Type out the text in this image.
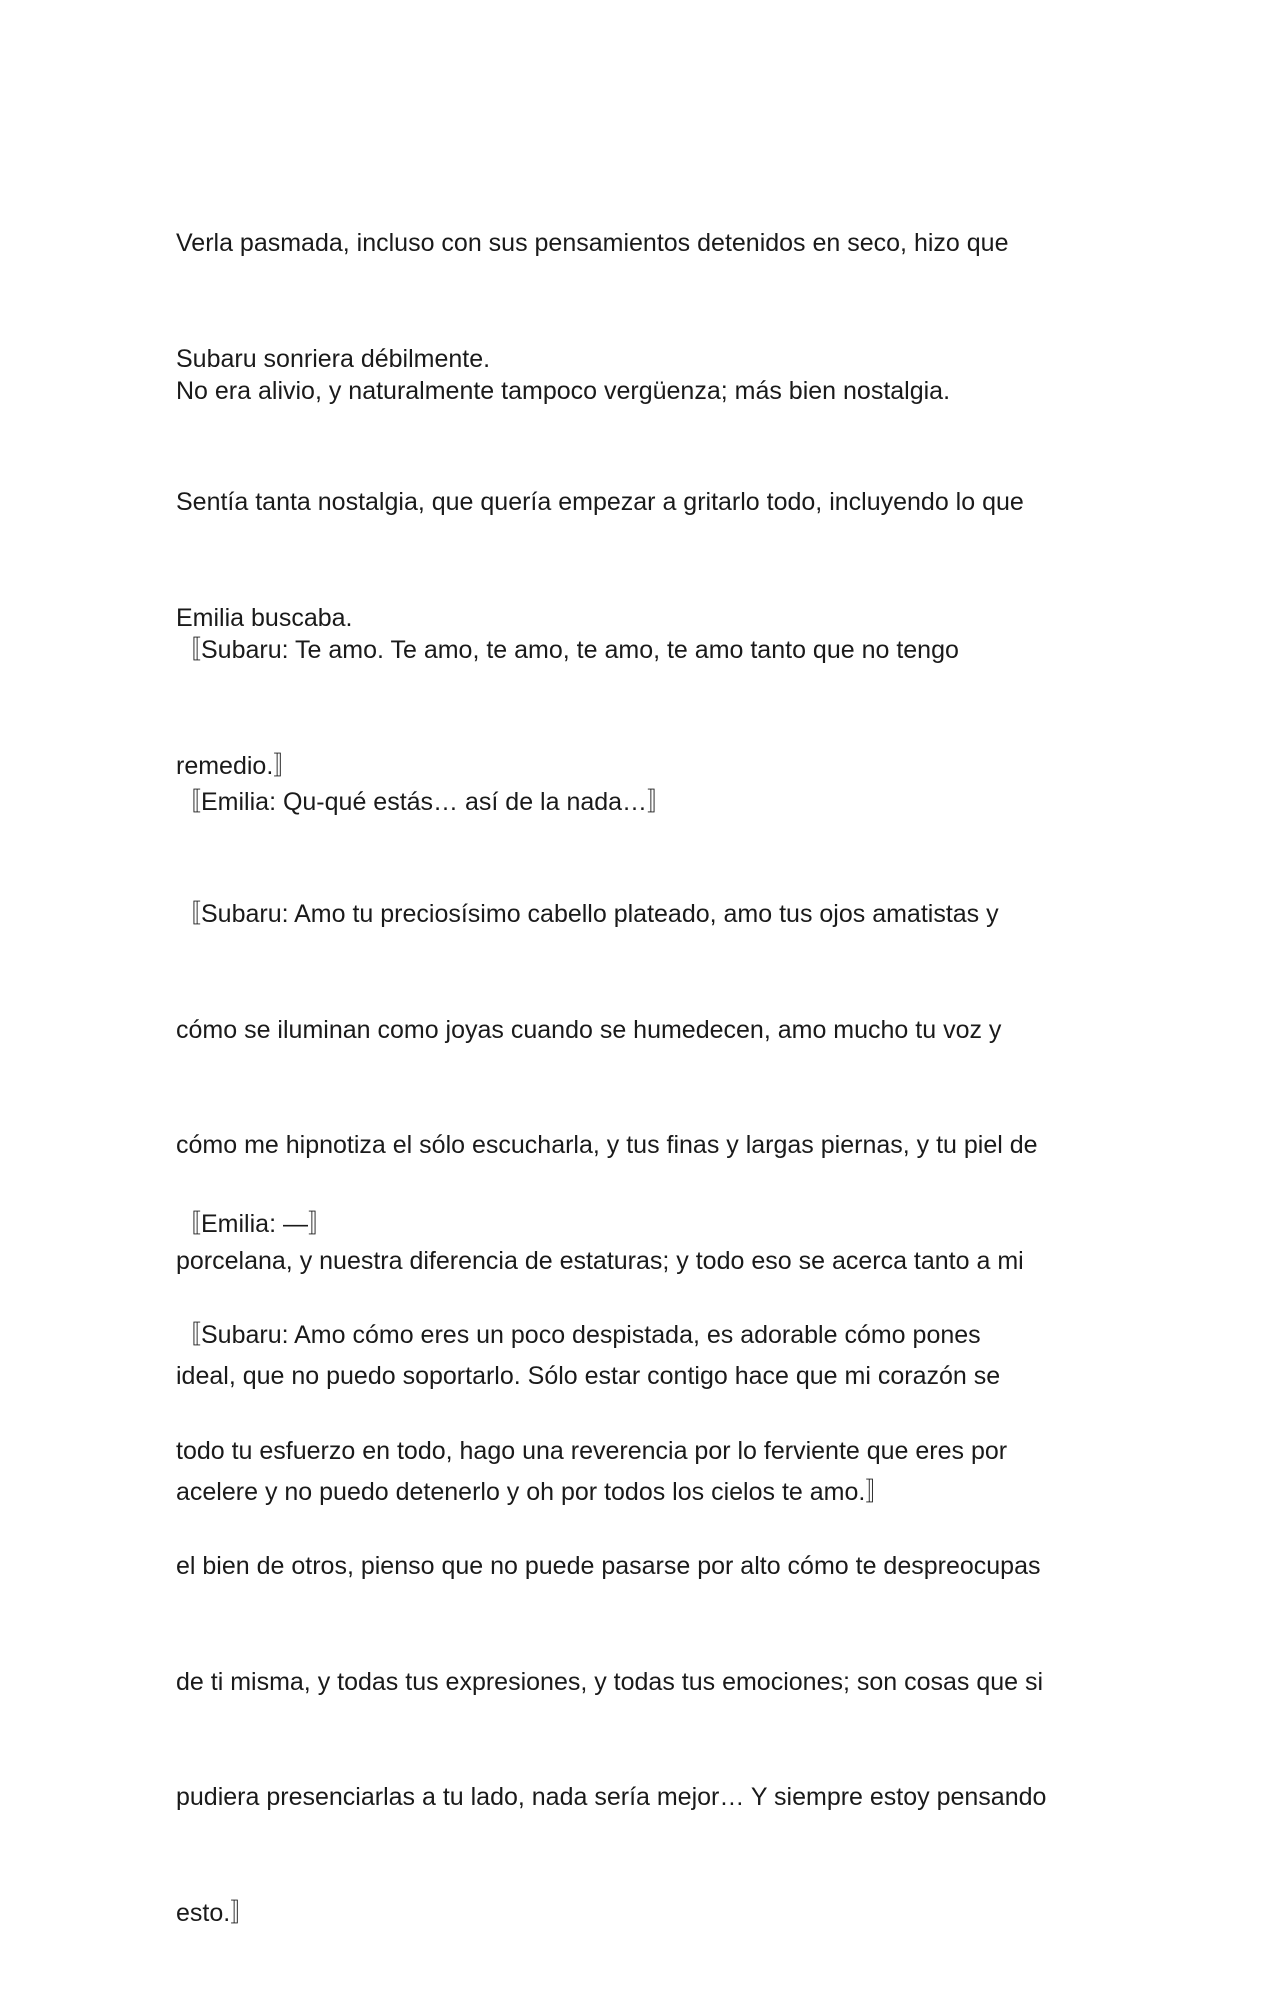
Verla pasmada, incluso con sus pensamientos detenidos en seco, hizo que

Subaru sonriera débilmente.

No era alivio, y naturalmente tampoco vergüenza; más bien nostalgia.

Sentía tanta nostalgia, que quería empezar a gritarlo todo, incluyendo lo que

Emilia buscaba.

〚Subaru: Te amo. Te amo, te amo, te amo, te amo tanto que no tengo

remedio.〛

〚Emilia: Qu-qué estás… así de la nada…〛

〚Subaru: Amo tu preciosísimo cabello plateado, amo tus ojos amatistas y

cómo se iluminan como joyas cuando se humedecen, amo mucho tu voz y

cómo me hipnotiza el sólo escucharla, y tus finas y largas piernas, y tu piel de

porcelana, y nuestra diferencia de estaturas; y todo eso se acerca tanto a mi

ideal, que no puedo soportarlo. Sólo estar contigo hace que mi corazón se

acelere y no puedo detenerlo y oh por todos los cielos te amo.〛

〚Emilia: —〛

〚Subaru: Amo cómo eres un poco despistada, es adorable cómo pones

todo tu esfuerzo en todo, hago una reverencia por lo ferviente que eres por

el bien de otros, pienso que no puede pasarse por alto cómo te despreocupas

de ti misma, y todas tus expresiones, y todas tus emociones; son cosas que si

pudiera presenciarlas a tu lado, nada sería mejor… Y siempre estoy pensando

esto.〛
